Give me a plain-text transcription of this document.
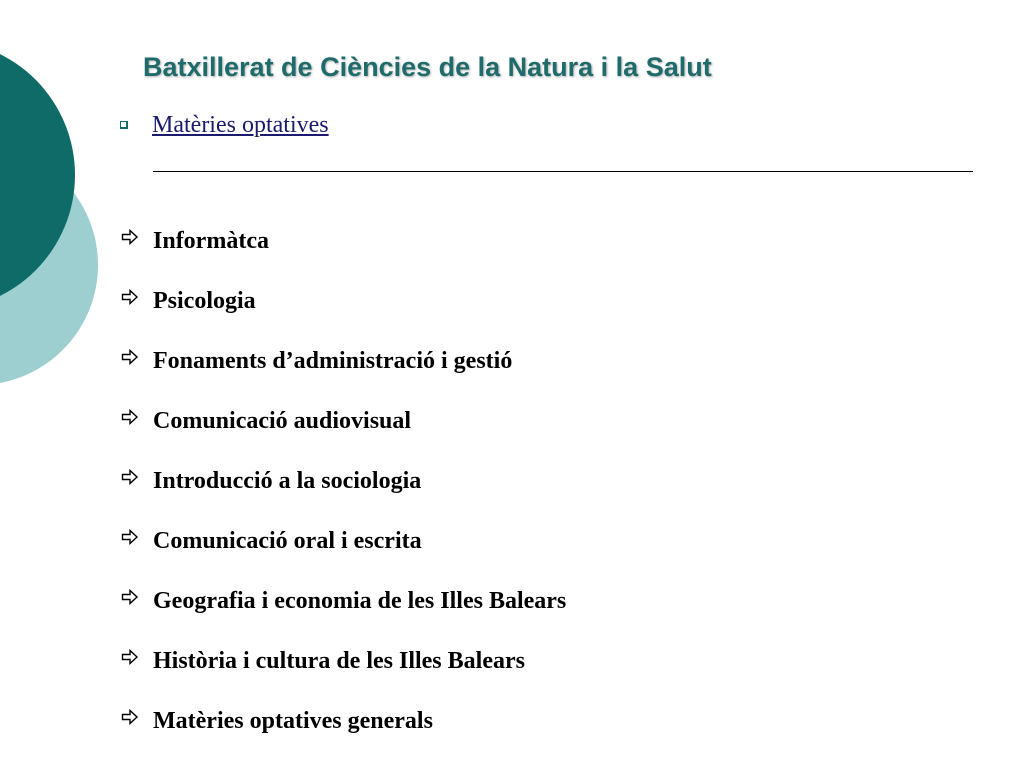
Batxillerat de Ciències de la Natura i la Salut
Matèries optatives
Informàtca
Psicologia
Fonaments d’administració i gestió
Comunicació audiovisual
Introducció a la sociologia
Comunicació oral i escrita
Geografia i economia de les Illes Balears
Història i cultura de les Illes Balears
Matèries optatives generals
